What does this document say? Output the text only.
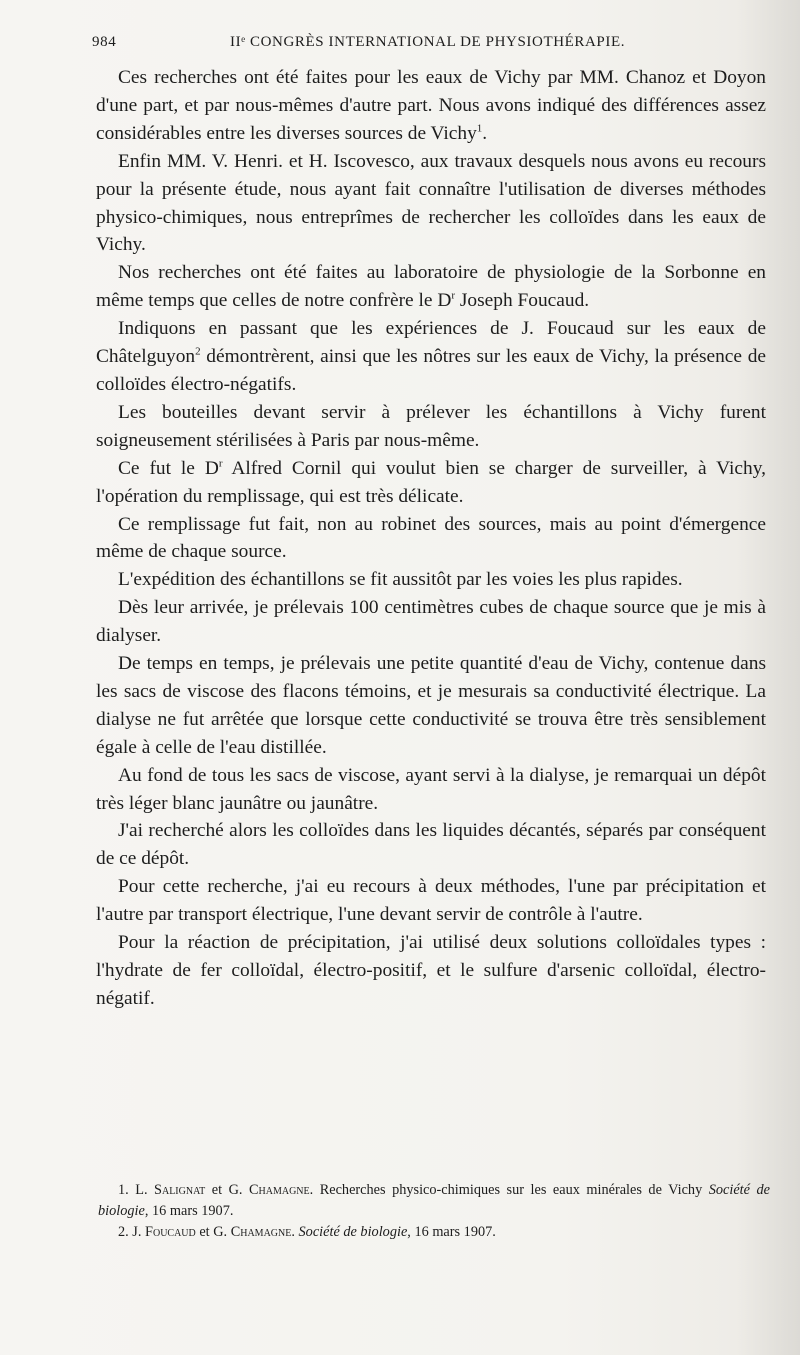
984	IIᵉ CONGRÈS INTERNATIONAL DE PHYSIOTHÉRAPIE.

Ces recherches ont été faites pour les eaux de Vichy par MM. Chanoz et Doyon d'une part, et par nous-mêmes d'autre part. Nous avons indiqué des différences assez considérables entre les diverses sources de Vichy$^1$.

Enfin MM. V. Henri. et H. Iscovesco, aux travaux desquels nous avons eu recours pour la présente étude, nous ayant fait connaître l'utilisation de diverses méthodes physico-chimiques, nous entreprîmes de rechercher les colloïdes dans les eaux de Vichy.

Nos recherches ont été faites au laboratoire de physiologie de la Sorbonne en même temps que celles de notre confrère le $D^r$ Joseph Foucaud.

Indiquons en passant que les expériences de J. Foucaud sur les eaux de Châtelguyon$^2$ démontrèrent, ainsi que les nôtres sur les eaux de Vichy, la présence de colloïdes électro-négatifs.

Les bouteilles devant servir à prélever les échantillons à Vichy furent soigneusement stérilisées à Paris par nous-même.

Ce fut le $D^r$ Alfred Cornil qui voulut bien se charger de surveiller, à Vichy, l'opération du remplissage, qui est très délicate.

Ce remplissage fut fait, non au robinet des sources, mais au point d'émergence même de chaque source.

L'expédition des échantillons se fit aussitôt par les voies les plus rapides.

Dès leur arrivée, je prélevais 100 centimètres cubes de chaque source que je mis à dialyser.

De temps en temps, je prélevais une petite quantité d'eau de Vichy, contenue dans les sacs de viscose des flacons témoins, et je mesurais sa conductivité électrique. La dialyse ne fut arrêtée que lorsque cette conductivité se trouva être très sensiblement égale à celle de l'eau distillée.

Au fond de tous les sacs de viscose, ayant servi à la dialyse, je remarquai un dépôt très léger blanc jaunâtre ou jaunâtre.

J'ai recherché alors les colloïdes dans les liquides décantés, séparés par conséquent de ce dépôt.

Pour cette recherche, j'ai eu recours à deux méthodes, l'une par précipitation et l'autre par transport électrique, l'une devant servir de contrôle à l'autre.

Pour la réaction de précipitation, j'ai utilisé deux solutions colloïdales types : l'hydrate de fer colloïdal, électro-positif, et le sulfure d'arsenic colloïdal, électro-négatif.

1. L. Salignat et G. Chamagne. Recherches physico-chimiques sur les eaux minérales de Vichy Société de biologie, 16 mars 1907.

2. J. Foucaud et G. Chamagne. Société de biologie, 16 mars 1907.
